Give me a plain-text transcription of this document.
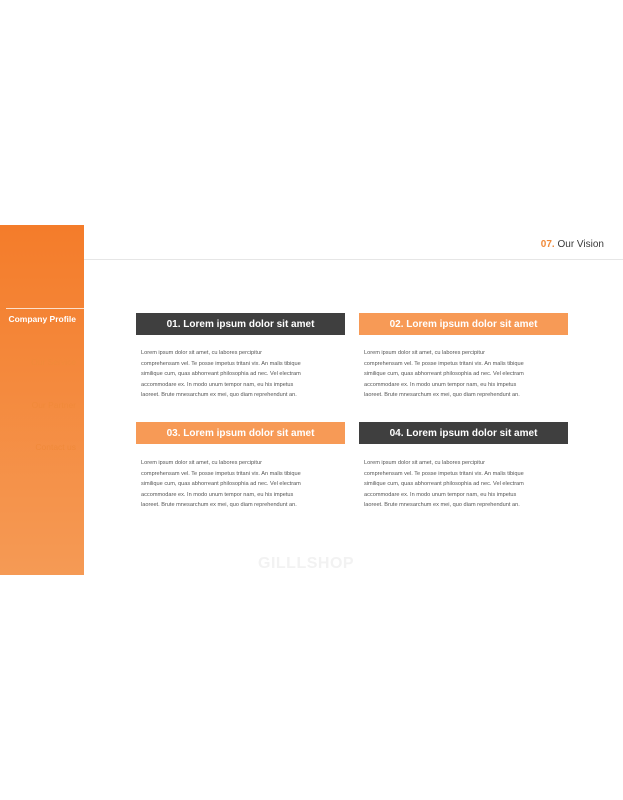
Company Profile
Our Service
Our Partner
Contact us
07. Our Vision
01. Lorem ipsum dolor sit amet
Lorem ipsum dolor sit amet, cu labores percipitur
comprehensam vel. Te posse impetus tritani vix. An malis tibique
similique cum, quas abhorreant philosophia ad nec. Vel electram
accommodare ex. In modo unum tempor nam, eu his impetus
laoreet. Brute mnesarchum ex mei, quo diam reprehendunt an.
02. Lorem ipsum dolor sit amet
Lorem ipsum dolor sit amet, cu labores percipitur
comprehensam vel. Te posse impetus tritani vix. An malis tibique
similique cum, quas abhorreant philosophia ad nec. Vel electram
accommodare ex. In modo unum tempor nam, eu his impetus
laoreet. Brute mnesarchum ex mei, quo diam reprehendunt an.
03. Lorem ipsum dolor sit amet
Lorem ipsum dolor sit amet, cu labores percipitur
comprehensam vel. Te posse impetus tritani vix. An malis tibique
similique cum, quas abhorreant philosophia ad nec. Vel electram
accommodare ex. In modo unum tempor nam, eu his impetus
laoreet. Brute mnesarchum ex mei, quo diam reprehendunt an.
04. Lorem ipsum dolor sit amet
Lorem ipsum dolor sit amet, cu labores percipitur
comprehensam vel. Te posse impetus tritani vix. An malis tibique
similique cum, quas abhorreant philosophia ad nec. Vel electram
accommodare ex. In modo unum tempor nam, eu his impetus
laoreet. Brute mnesarchum ex mei, quo diam reprehendunt an.
GILLLSHOP
